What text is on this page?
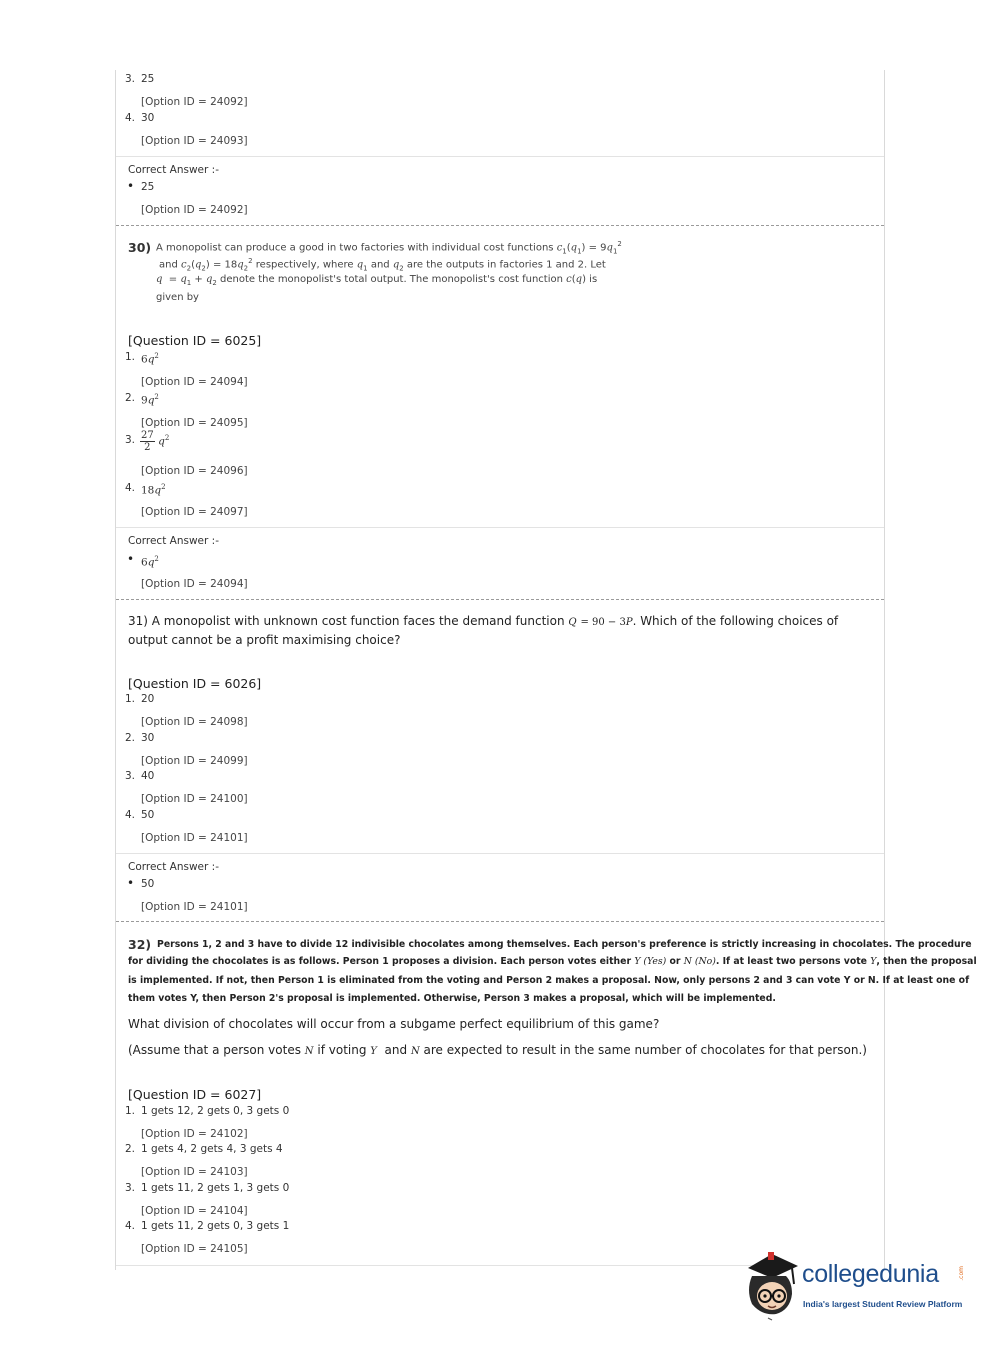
3. 25
[Option ID = 24092]
4. 30
[Option ID = 24093]
Correct Answer :-
• 25
[Option ID = 24092]
30) A monopolist can produce a good in two factories with individual cost functions $c_1(q_1) = 9q_1^2$
and $c_2(q_2) = 18q_2^2$ respectively, where $q_1$ and $q_2$ are the outputs in factories 1 and 2. Let
$q = q_1 + q_2$ denote the monopolist's total output. The monopolist's cost function c(q) is
given by
[Question ID = 6025]
1. $6q^2$
[Option ID = 24094]
2. $9q^2$
[Option ID = 24095]
3. $\frac{27}{2} q^2$
[Option ID = 24096]
4. $18q^2$
[Option ID = 24097]
Correct Answer :-
• $6q^2$
[Option ID = 24094]
31) A monopolist with unknown cost function faces the demand function Q = 90 − 3P. Which of the following choices of
output cannot be a profit maximising choice?
[Question ID = 6026]
1. 20
[Option ID = 24098]
2. 30
[Option ID = 24099]
3. 40
[Option ID = 24100]
4. 50
[Option ID = 24101]
Correct Answer :-
• 50
[Option ID = 24101]
32) Persons 1, 2 and 3 have to divide 12 indivisible chocolates among themselves. Each person's preference is strictly increasing in chocolates. The procedure
for dividing the chocolates is as follows. Person 1 proposes a division. Each person votes either Y (Yes) or N (No). If at least two persons vote Y, then the proposal
is implemented. If not, then Person 1 is eliminated from the voting and Person 2 makes a proposal. Now, only persons 2 and 3 can vote Y or N. If at least one of
them votes Y, then Person 2's proposal is implemented. Otherwise, Person 3 makes a proposal, which will be implemented.
What division of chocolates will occur from a subgame perfect equilibrium of this game?
(Assume that a person votes N if voting Y and N are expected to result in the same number of chocolates for that person.)
[Question ID = 6027]
1. 1 gets 12, 2 gets 0, 3 gets 0
[Option ID = 24102]
2. 1 gets 4, 2 gets 4, 3 gets 4
[Option ID = 24103]
3. 1 gets 11, 2 gets 1, 3 gets 0
[Option ID = 24104]
4. 1 gets 11, 2 gets 0, 3 gets 1
[Option ID = 24105]
collegedunia	.com
India's largest Student Review Platform
